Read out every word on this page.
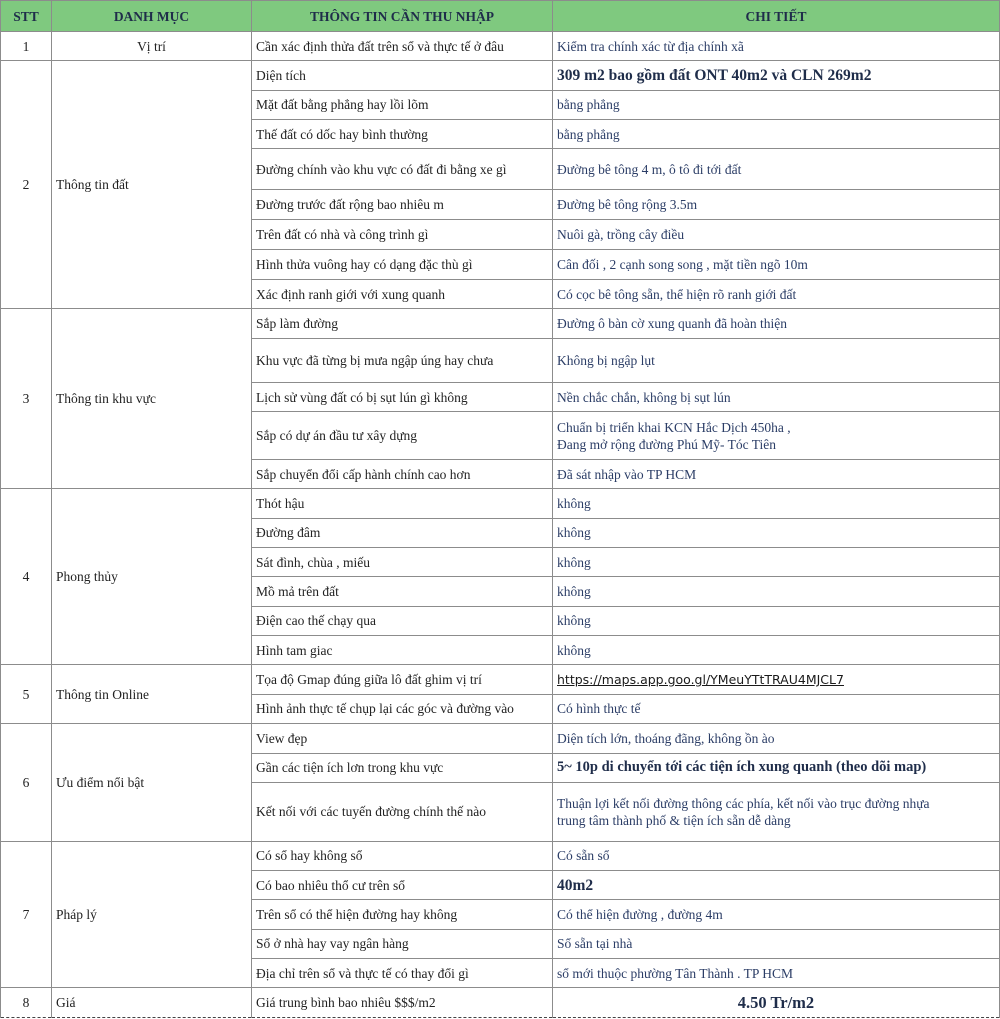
STT	DANH MỤC	THÔNG TIN CẦN THU NHẬP	CHI TIẾT
1	Vị trí	Cần xác định thửa đất trên sổ và thực tế ở đâu	Kiểm tra chính xác từ địa chính xã
2	Thông tin đất	Diện tích	309 m2 bao gồm đất ONT 40m2 và CLN 269m2
		Mặt đất bằng phẳng hay lồi lõm	bằng phẳng
		Thế đất có dốc hay bình thường	bằng phẳng
		Đường chính vào khu vực có đất đi bằng xe gì	Đường bê tông 4 m, ô tô đi tới đất
		Đường trước đất rộng bao nhiêu m	Đường bê tông rộng 3.5m
		Trên đất có nhà và công trình gì	Nuôi gà, trồng cây điều
		Hình thửa vuông hay có dạng đặc thù gì	Cân đối , 2 cạnh song song , mặt tiền ngõ 10m
		Xác định ranh giới với xung quanh	Có cọc bê tông sẵn, thể hiện rõ ranh giới đất
3	Thông tin khu vực	Sắp làm đường	Đường ô bàn cờ xung quanh đã hoàn thiện
		Khu vực đã từng bị mưa ngập úng hay chưa	Không bị ngập lụt
		Lịch sử vùng đất có bị sụt lún gì không	Nền chắc chắn, không bị sụt lún
		Sắp có dự án đầu tư xây dựng	Chuẩn bị triển khai KCN Hắc Dịch 450ha ,
Đang mở rộng đường Phú Mỹ- Tóc Tiên

		Sắp chuyển đổi cấp hành chính cao hơn	Đã sát nhập vào TP HCM
4	Phong thủy	Thót hậu	không
		Đường đâm	không
		Sát đình, chùa , miếu	không
		Mồ mả trên đất	không
		Điện cao thế chạy qua	không
		Hình tam giac	không
5	Thông tin Online	Tọa độ Gmap đúng giữa lô đất ghim vị trí	https://maps.app.goo.gl/YMeuYTtTRAU4MJCL7
		Hình ảnh thực tế chụp lại các góc và đường vào	Có hình thực tế
6	Ưu điểm nổi bật	View đẹp	Diện tích lớn, thoáng đãng, không ồn ào
		Gần các tiện ích lơn trong khu vực	5~ 10p di chuyển tới các tiện ích xung quanh (theo dõi map)
		Kết nối với các tuyến đường chính thế nào	Thuận lợi kết nối đường thông các phía, kết nối vào trục đường nhựa
trung tâm thành phố & tiện ích sẵn dễ dàng

7	Pháp lý	Có sổ hay không sổ	Có sẵn sổ
		Có bao nhiêu thổ cư trên sổ	40m2
		Trên sổ có thể hiện đường hay không	Có thể hiện đường , đường 4m
		Sổ ở nhà hay vay ngân hàng	Sổ sẵn tại nhà
		Địa chỉ trên sổ và thực tế có thay đổi gì	sổ mới thuộc phường Tân Thành . TP HCM
8	Giá	Giá trung bình bao nhiêu $$$/m2	4.50 Tr/m2
